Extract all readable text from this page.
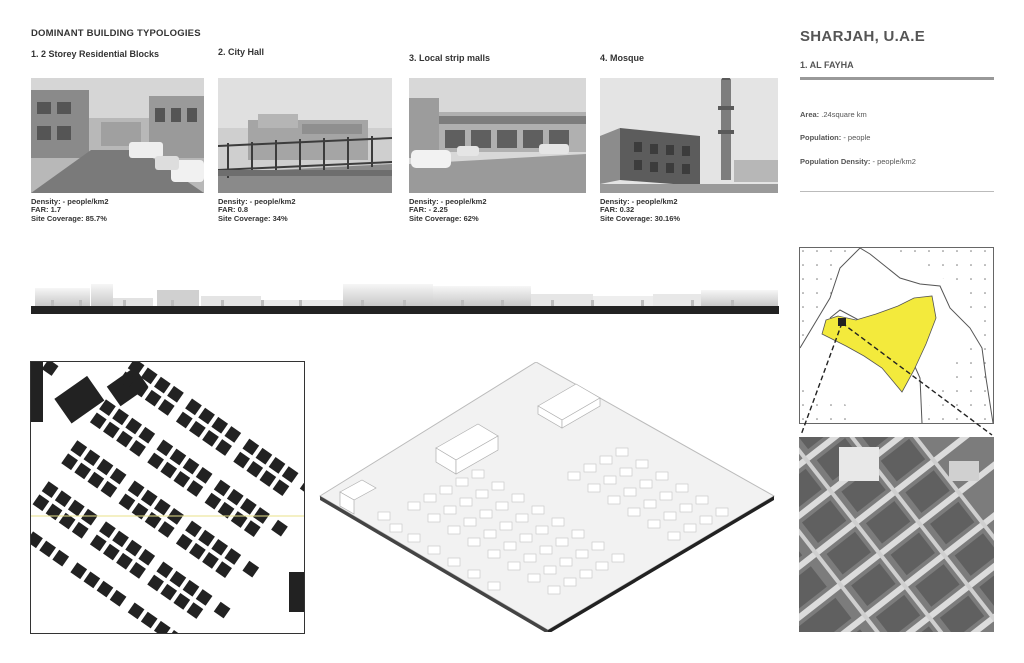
DOMINANT BUILDING TYPOLOGIES
1. 2 Storey Residential Blocks
Density: - people/km2
FAR: 1.7
Site Coverage: 85.7%
2. City Hall
Density: - people/km2
FAR: 0.8
Site Coverage: 34%
3. Local strip malls
Density: - people/km2
FAR: - 2.25
Site Coverage: 62%
4. Mosque
Density: - people/km2
FAR: 0.32
Site Coverage: 30.16%
SHARJAH, U.A.E
1. AL FAYHA
Area: .24square km
Population: - people
Population Density: - people/km2
